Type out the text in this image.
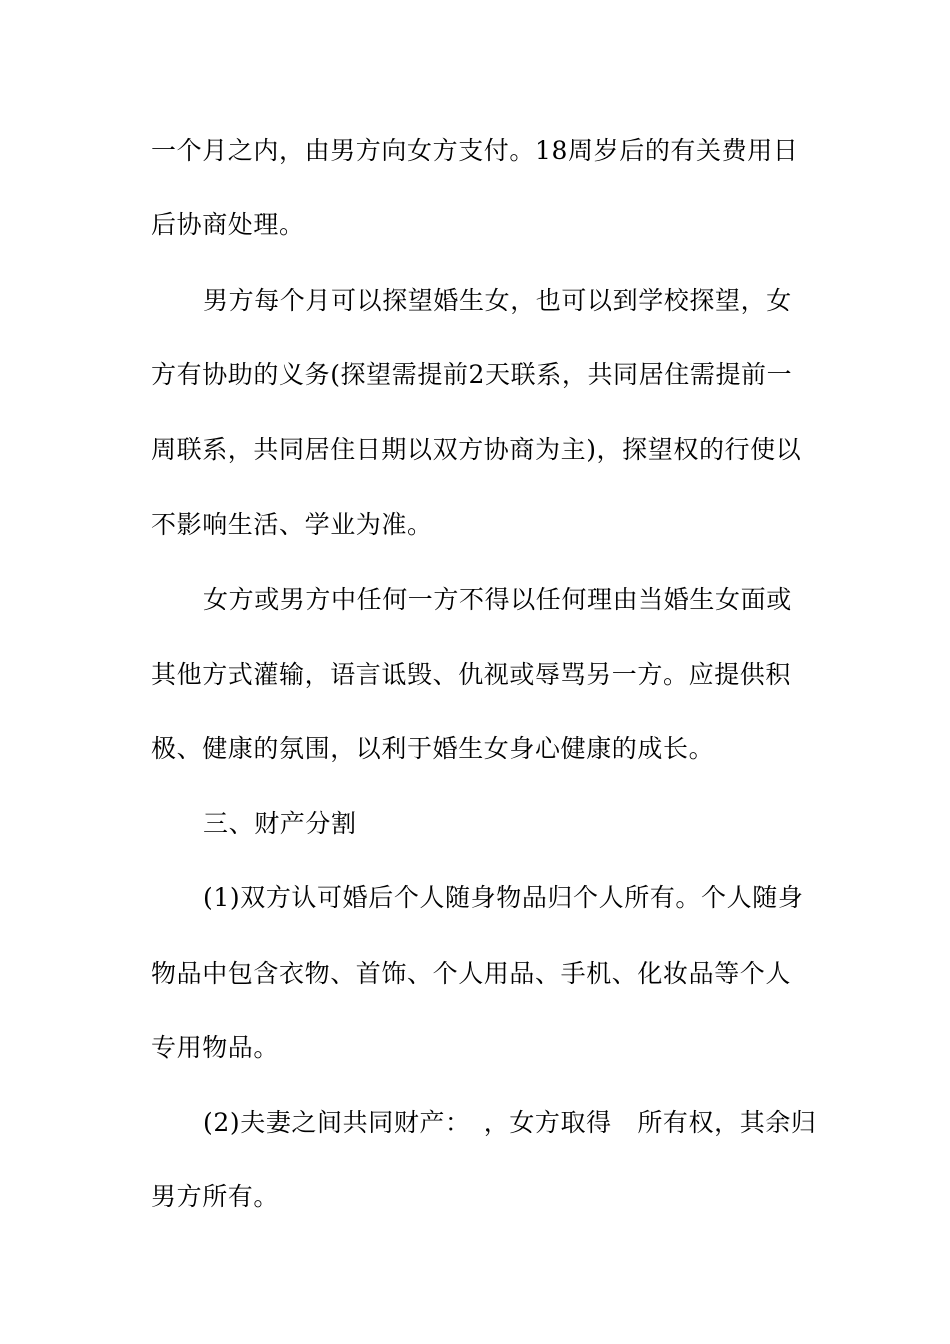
一个月之内，由男方向女方支付。18周岁后的有关费用日
后协商处理。
男方每个月可以探望婚生女，也可以到学校探望，女
方有协助的义务(探望需提前2天联系，共同居住需提前一
周联系，共同居住日期以双方协商为主)，探望权的行使以
不影响生活、学业为准。
女方或男方中任何一方不得以任何理由当婚生女面或
其他方式灌输，语言诋毁、仇视或辱骂另一方。应提供积
极、健康的氛围，以利于婚生女身心健康的成长。
三、财产分割
(1)双方认可婚后个人随身物品归个人所有。个人随身
物品中包含衣物、首饰、个人用品、手机、化妆品等个人
专用物品。
(2)夫妻之间共同财产：　，女方取得　所有权，其余归
男方所有。
